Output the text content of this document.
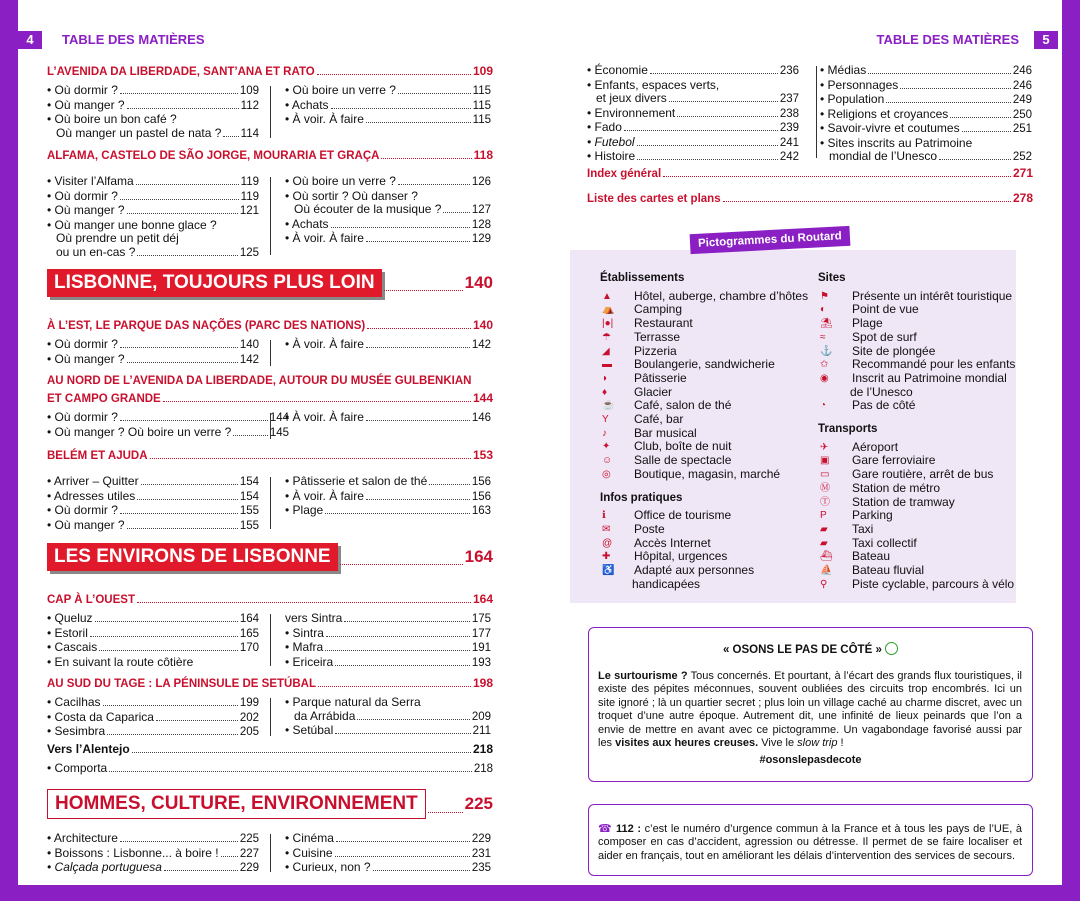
4	TABLE DES MATIÈRES	TABLE DES MATIÈRES	5
L’AVENIDA DA LIBERDADE, SANT’ANA ET RATO	109
• Où dormir ?	109
• Où manger ?	112
• Où boire un bon café ?
Où manger un pastel de nata ? 114
• Où boire un verre ?	115
• Achats	115
• À voir. À faire	115
ALFAMA, CASTELO DE SÃO JORGE, MOURARIA ET GRAÇA	118
• Visiter l’Alfama	119
• Où dormir ?	119
• Où manger ?	121
• Où manger une bonne glace ?
Où prendre un petit déj
ou un en-cas ?	125
• Où boire un verre ?	126
• Où sortir ? Où danser ?
Où écouter de la musique ?	127
• Achats	128
• À voir. À faire	129
LISBONNE, TOUJOURS PLUS LOIN	140
À L’EST, LE PARQUE DAS NAÇÕES (PARC DES NATIONS)	140
• Où dormir ?	140
• Où manger ?	142
• À voir. À faire	142
AU NORD DE L’AVENIDA DA LIBERDADE, AUTOUR DU MUSÉE GULBENKIAN
ET CAMPO GRANDE	144
• Où dormir ?	144
• Où manger ? Où boire un verre ?	145
• À voir. À faire	146
BELÉM ET AJUDA	153
• Arriver – Quitter	154
• Adresses utiles	154
• Où dormir ?	155
• Où manger ?	155
• Pâtisserie et salon de thé	156
• À voir. À faire	156
• Plage	163
LES ENVIRONS DE LISBONNE	164
CAP À L’OUEST	164
• Queluz	164
• Estoril	165
• Cascais	170
• En suivant la route côtière
vers Sintra	175
• Sintra	177
• Mafra	191
• Ericeira	193
AU SUD DU TAGE : LA PÉNINSULE DE SETÚBAL	198
• Cacilhas	199
• Costa da Caparica	202
• Sesimbra	205
• Parque natural da Serra
da Arrábida	209
• Setúbal	211
Vers l’Alentejo	218
• Comporta	218
HOMMES, CULTURE, ENVIRONNEMENT	225
• Architecture	225
• Boissons : Lisbonne... à boire ! 227
• Calçada portuguesa	229
• Cinéma	229
• Cuisine	231
• Curieux, non ?	235
• Économie	236
• Enfants, espaces verts,
et jeux divers	237
• Environnement	238
• Fado	239
• Futebol	241
• Histoire	242
• Médias	246
• Personnages	246
• Population	249
• Religions et croyances	250
• Savoir-vivre et coutumes	251
• Sites inscrits au Patrimoine
mondial de l’Unesco	252
Index général	271
Liste des cartes et plans	278
Pictogrammes du Routard
Établissements
▲	Hôtel, auberge, chambre d’hôtes
⛺	Camping
|●|	Restaurant
☂	Terrasse
◢	Pizzeria
▬	Boulangerie, sandwicherie
◗	Pâtisserie
♦	Glacier
☕	Café, salon de thé
Y	Café, bar
♪	Bar musical
✦	Club, boîte de nuit
☺	Salle de spectacle
◎	Boutique, magasin, marché
Infos pratiques
ℹ	Office de tourisme
✉	Poste
@	Accès Internet
✚	Hôpital, urgences
♿	Adapté aux personnes
handicapées
Sites
⚑	Présente un intérêt touristique
◐	Point de vue
⛱	Plage
≈	Spot de surf
⚓	Site de plongée
✩	Recommandé pour les enfants
◉	Inscrit au Patrimoine mondial
de l’Unesco
◔	Pas de côté
Transports
✈	Aéroport
▣	Gare ferroviaire
▭	Gare routière, arrêt de bus
Ⓜ	Station de métro
Ⓣ	Station de tramway
P	Parking
▰	Taxi
▰	Taxi collectif
⛴	Bateau
⛵	Bateau fluvial
⚲	Piste cyclable, parcours à vélo
« OSONS LE PAS DE CÔTÉ »

Le surtourisme ? Tous concernés. Et pourtant, à l’écart des grands flux touristiques, il existe des pépites méconnues, souvent oubliées des circuits trop encombrés. Ici un site ignoré ; là un quartier secret ; plus loin un village caché au charme discret, avec un troquet d’une autre époque. Autrement dit, une infinité de lieux peinards que l’on a envie de mettre en avant avec ce pictogramme. Un vagabondage favorisé aussi par les visites aux heures creuses. Vive le slow trip !

#osonslepasdecote

☎ 112 : c’est le numéro d’urgence commun à la France et à tous les pays de l’UE, à composer en cas d’accident, agression ou détresse. Il permet de se faire localiser et aider en français, tout en améliorant les délais d’intervention des services de secours.
